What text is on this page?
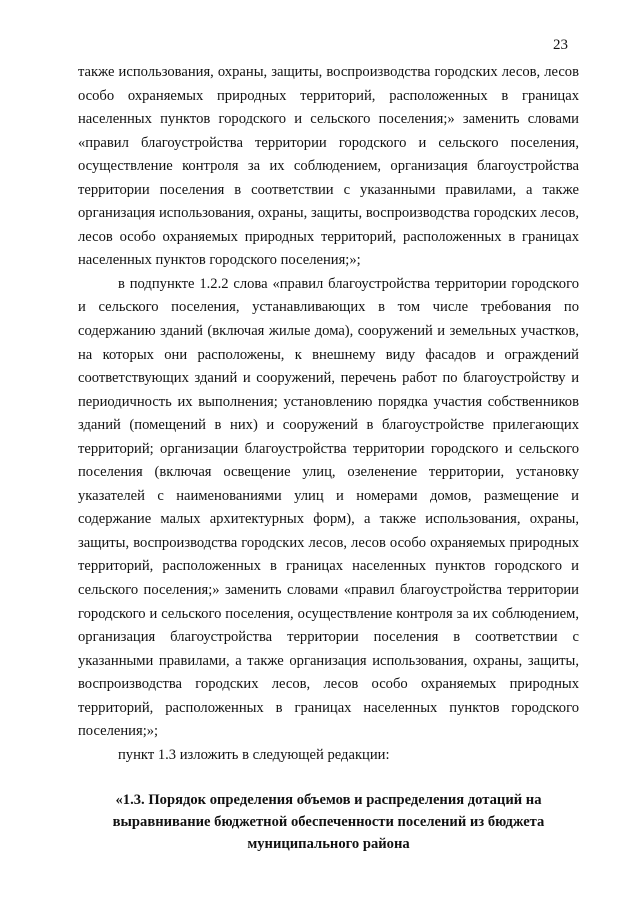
23

также использования, охраны, защиты, воспроизводства городских лесов, лесов особо охраняемых природных территорий, расположенных в границах населенных пунктов городского и сельского поселения;» заменить словами «правил благоустройства территории городского и сельского поселения, осуществление контроля за их соблюдением, организация благоустройства территории поселения в соответствии с указанными правилами, а также организация использования, охраны, защиты, воспроизводства городских лесов, лесов особо охраняемых природных территорий, расположенных в границах населенных пунктов городского поселения;»;

в подпункте 1.2.2 слова «правил благоустройства территории городского и сельского поселения, устанавливающих в том числе требования по содержанию зданий (включая жилые дома), сооружений и земельных участков, на которых они расположены, к внешнему виду фасадов и ограждений соответствующих зданий и сооружений, перечень работ по благоустройству и периодичность их выполнения; установлению порядка участия собственников зданий (помещений в них) и сооружений в благоустройстве прилегающих территорий; организации благоустройства территории городского и сельского поселения (включая освещение улиц, озеленение территории, установку указателей с наименованиями улиц и номерами домов, размещение и содержание малых архитектурных форм), а также использования, охраны, защиты, воспроизводства городских лесов, лесов особо охраняемых природных территорий, расположенных в границах населенных пунктов городского и сельского поселения;» заменить словами «правил благоустройства территории городского и сельского поселения, осуществление контроля за их соблюдением, организация благоустройства территории поселения в соответствии с указанными правилами, а также организация использования, охраны, защиты, воспроизводства городских лесов, лесов особо охраняемых природных территорий, расположенных в границах населенных пунктов городского поселения;»;

пункт 1.3 изложить в следующей редакции:

«1.3. Порядок определения объемов и распределения дотаций на выравнивание бюджетной обеспеченности поселений из бюджета муниципального района
